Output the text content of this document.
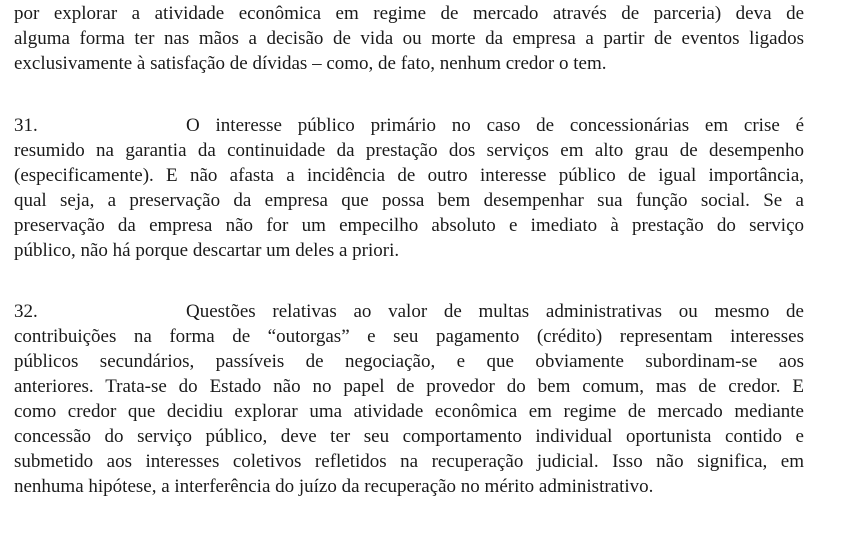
por explorar a atividade econômica em regime de mercado através de parceria) deva de
alguma forma ter nas mãos a decisão de vida ou morte da empresa a partir de eventos ligados
exclusivamente à satisfação de dívidas – como, de fato, nenhum credor o tem.
31.	O interesse público primário no caso de concessionárias em crise é
resumido na garantia da continuidade da prestação dos serviços em alto grau de desempenho
(especificamente). E não afasta a incidência de outro interesse público de igual importância,
qual seja, a preservação da empresa que possa bem desempenhar sua função social. Se a
preservação da empresa não for um empecilho absoluto e imediato à prestação do serviço
público, não há porque descartar um deles a priori.
32.	Questões relativas ao valor de multas administrativas ou mesmo de
contribuições na forma de “outorgas” e seu pagamento (crédito) representam interesses
públicos secundários, passíveis de negociação, e que obviamente subordinam-se aos
anteriores. Trata-se do Estado não no papel de provedor do bem comum, mas de credor. E
como credor que decidiu explorar uma atividade econômica em regime de mercado mediante
concessão do serviço público, deve ter seu comportamento individual oportunista contido e
submetido aos interesses coletivos refletidos na recuperação judicial. Isso não significa, em
nenhuma hipótese, a interferência do juízo da recuperação no mérito administrativo.
